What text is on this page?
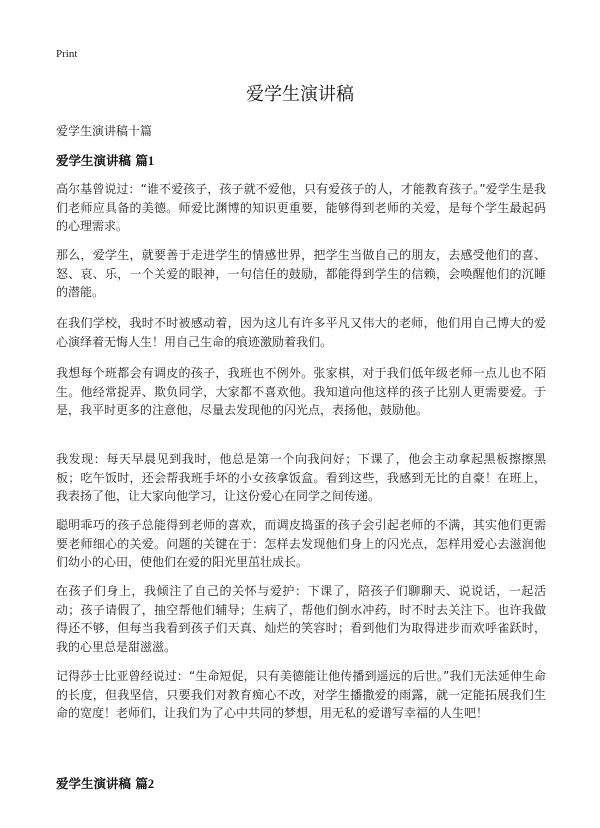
Print
爱学生演讲稿
爱学生演讲稿十篇
爱学生演讲稿 篇1

高尔基曾说过：“谁不爱孩子，孩子就不爱他，只有爱孩子的人，才能教育孩子。”爱学生是我们老师应具备的美德。师爱比渊博的知识更重要，能够得到老师的关爱，是每个学生最起码的心理需求。

那么，爱学生，就要善于走进学生的情感世界，把学生当做自己的朋友，去感受他们的喜、怒、哀、乐，一个关爱的眼神，一句信任的鼓励，都能得到学生的信赖，会唤醒他们的沉睡的潜能。

在我们学校，我时不时被感动着，因为这儿有许多平凡又伟大的老师，他们用自己博大的爱心演绎着无悔人生！用自己生命的痕迹激励着我们。

我想每个班都会有调皮的孩子，我班也不例外。张家棋，对于我们低年级老师一点儿也不陌生。他经常捉弄、欺负同学，大家都不喜欢他。我知道向他这样的孩子比别人更需要爱。于是，我平时更多的注意他，尽量去发现他的闪光点，表扬他，鼓励他。

我发现：每天早晨见到我时，他总是第一个向我问好；下课了，他会主动拿起黑板擦擦黑板；吃午饭时，还会帮我班手坏的小女孩拿饭盒。看到这些，我感到无比的自豪！在班上，我表扬了他，让大家向他学习，让这份爱心在同学之间传递。

聪明乖巧的孩子总能得到老师的喜欢，而调皮捣蛋的孩子会引起老师的不满，其实他们更需要老师细心的关爱。问题的关键在于：怎样去发现他们身上的闪光点，怎样用爱心去滋润他们幼小的心田，使他们在爱的阳光里茁壮成长。

在孩子们身上，我倾注了自己的关怀与爱护：下课了，陪孩子们聊聊天、说说话，一起活动；孩子请假了，抽空帮他们辅导；生病了，帮他们倒水冲药，时不时去关注下。也许我做得还不够，但每当我看到孩子们天真、灿烂的笑容时；看到他们为取得进步而欢呼雀跃时，我的心里总是甜滋滋。

记得莎士比亚曾经说过：“生命短促，只有美德能让他传播到遥远的后世。”我们无法延伸生命的长度，但我坚信，只要我们对教育痴心不改，对学生播撒爱的雨露，就一定能拓展我们生命的宽度！老师们，让我们为了心中共同的梦想，用无私的爱谱写幸福的人生吧！

爱学生演讲稿 篇2
